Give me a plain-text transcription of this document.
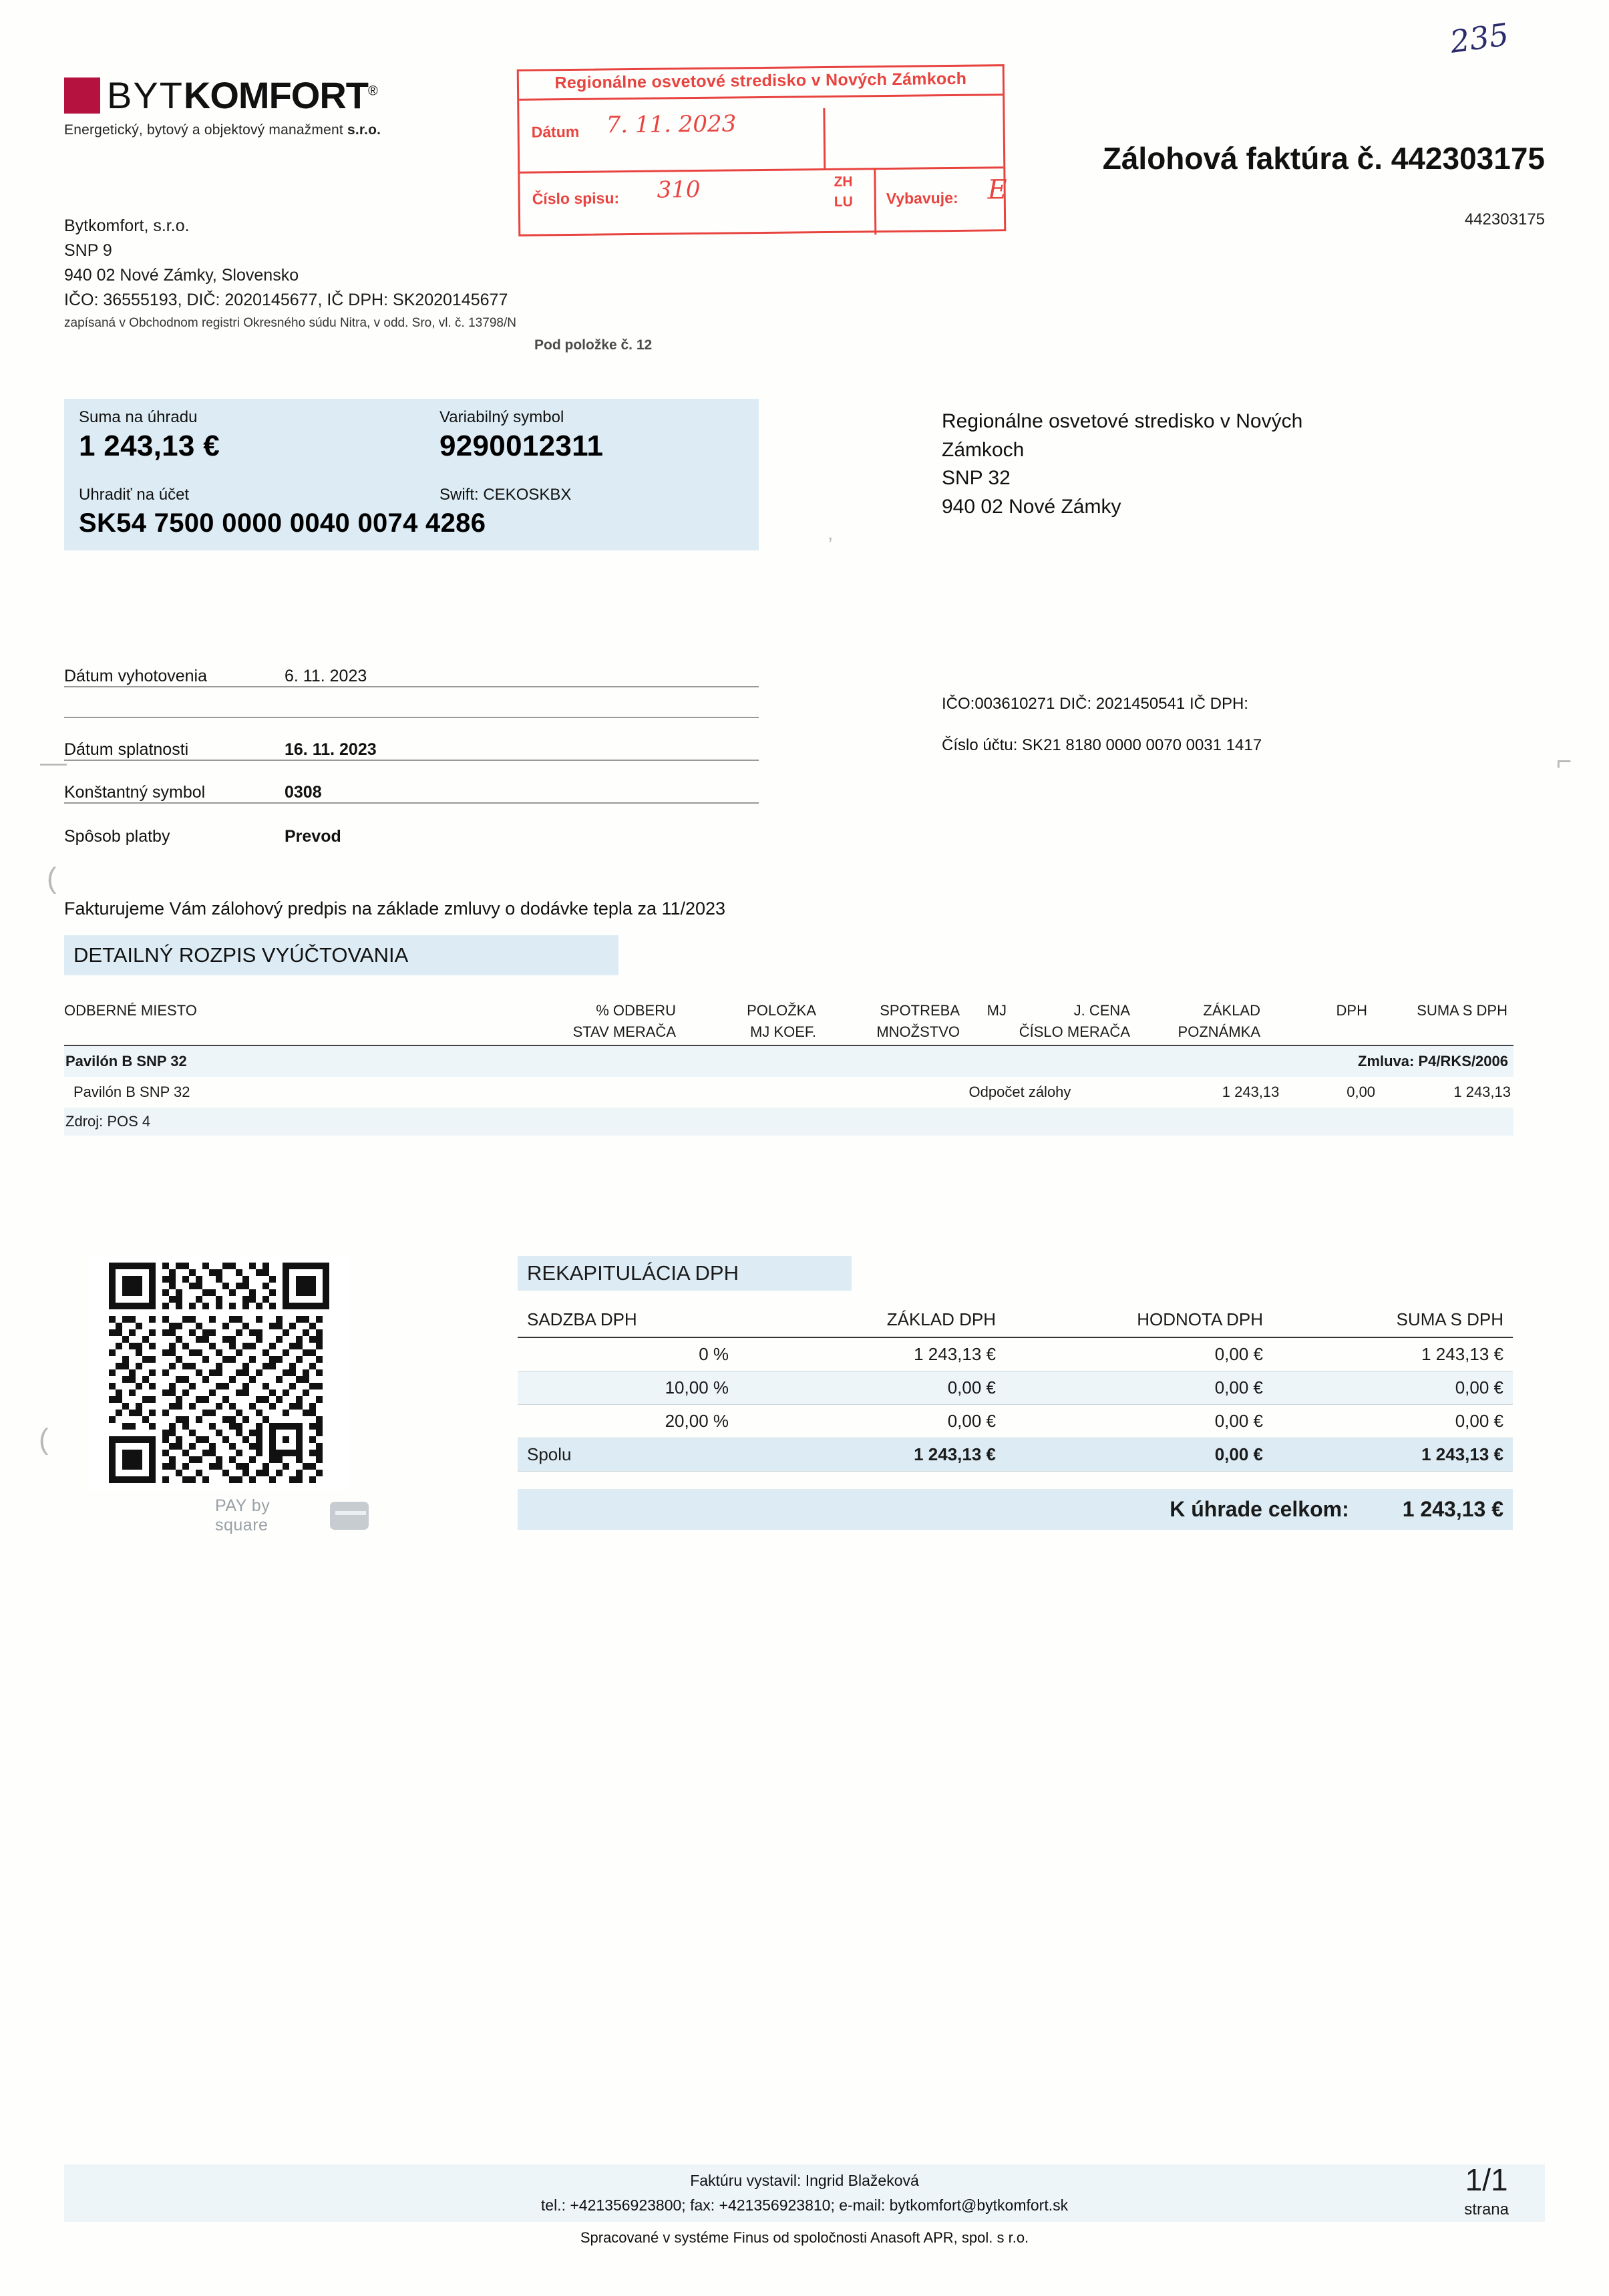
235
BYTKOMFORT®
Energetický, bytový a objektový manažment s.r.o.
Regionálne osvetové stredisko v Nových Zámkoch
Dátum 7. 11. 2023
Číslo spisu: 310	ZH
LU Vybavuje: E
Zálohová faktúra č. 442303175
442303175
Bytkomfort, s.r.o.
SNP 9
940 02 Nové Zámky, Slovensko
IČO: 36555193, DIČ: 2020145677, IČ DPH: SK2020145677
zapísaná v Obchodnom registri Okresného súdu Nitra, v odd. Sro, vl. č. 13798/N
Pod položke č. 12
Suma na úhradu
1 243,13 €
Variabilný symbol
9290012311
Uhradiť na účet	Swift: CEKOSKBX
SK54 7500 0000 0040 0074 4286
Dátum vyhotovenia	6. 11. 2023
Dátum splatnosti	16. 11. 2023
Konštantný symbol	0308
Spôsob platby	Prevod
Regionálne osvetové stredisko v Nových
Zámkoch
SNP 32
940 02 Nové Zámky
IČO:003610271 DIČ: 2021450541 IČ DPH:
Číslo účtu: SK21 8180 0000 0070 0031 1417
ʼ
⌐
—
(
(
Fakturujeme Vám zálohový predpis na základe zmluvy o dodávke tepla za 11/2023
DETAILNÝ ROZPIS VYÚČTOVANIA
ODBERNÉ MIESTO	% ODBERU	POLOŽKA	SPOTREBA	MJ	J. CENA	ZÁKLAD	DPH	SUMA S DPH
STAV MERAČA	MJ KOEF.	MNOŽSTVO	ČÍSLO MERAČA	POZNÁMKA
Pavilón B SNP 32	Zmluva: P4/RKS/2006
Pavilón B SNP 32	Odpočet zálohy	1 243,13	0,00	1 243,13
Zdroj: POS 4
PAY by square
REKAPITULÁCIA DPH
SADZBA DPH	ZÁKLAD DPH	HODNOTA DPH	SUMA S DPH
0 %	1 243,13 €	0,00 €	1 243,13 €
10,00 %	0,00 €	0,00 €	0,00 €
20,00 %	0,00 €	0,00 €	0,00 €
Spolu	1 243,13 €	0,00 €	1 243,13 €
K úhrade celkom:	1 243,13 €
Faktúru vystavil: Ingrid Blažeková
tel.: +421356923800; fax: +421356923810; e-mail: bytkomfort@bytkomfort.sk
Spracované v systéme Finus od spoločnosti Anasoft APR, spol. s r.o.
1/1
strana
